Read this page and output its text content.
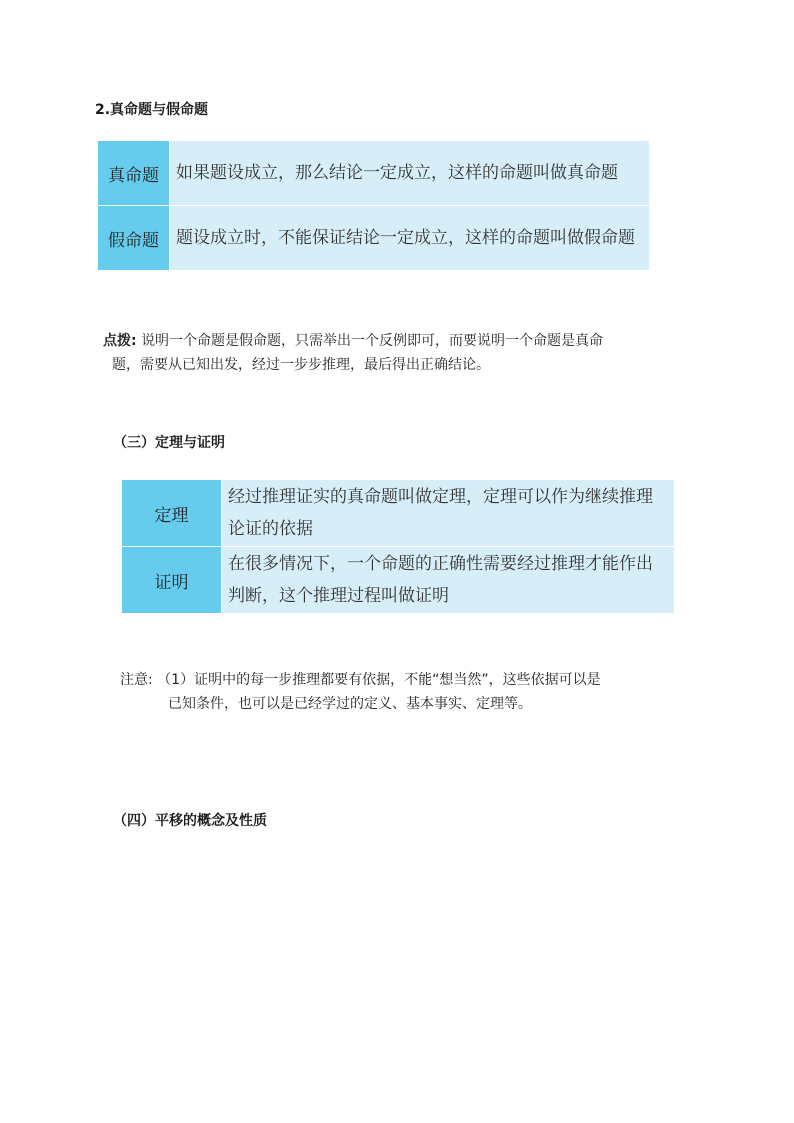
2.真命题与假命题
真命题	如果题设成立，那么结论一定成立，这样的命题叫做真命题
假命题	题设成立时，不能保证结论一定成立，这样的命题叫做假命题
点拨: 说明一个命题是假命题，只需举出一个反例即可，而要说明一个命题是真命
题，需要从已知出发，经过一步步推理，最后得出正确结论。
（三）定理与证明
定理	经过推理证实的真命题叫做定理，定理可以作为继续推理论证的依据
证明	在很多情况下，一个命题的正确性需要经过推理才能作出判断，这个推理过程叫做证明
注意: （1）证明中的每一步推理都要有依据，不能“想当然”，这些依据可以是
已知条件，也可以是已经学过的定义、基本事实、定理等。
（四）平移的概念及性质
